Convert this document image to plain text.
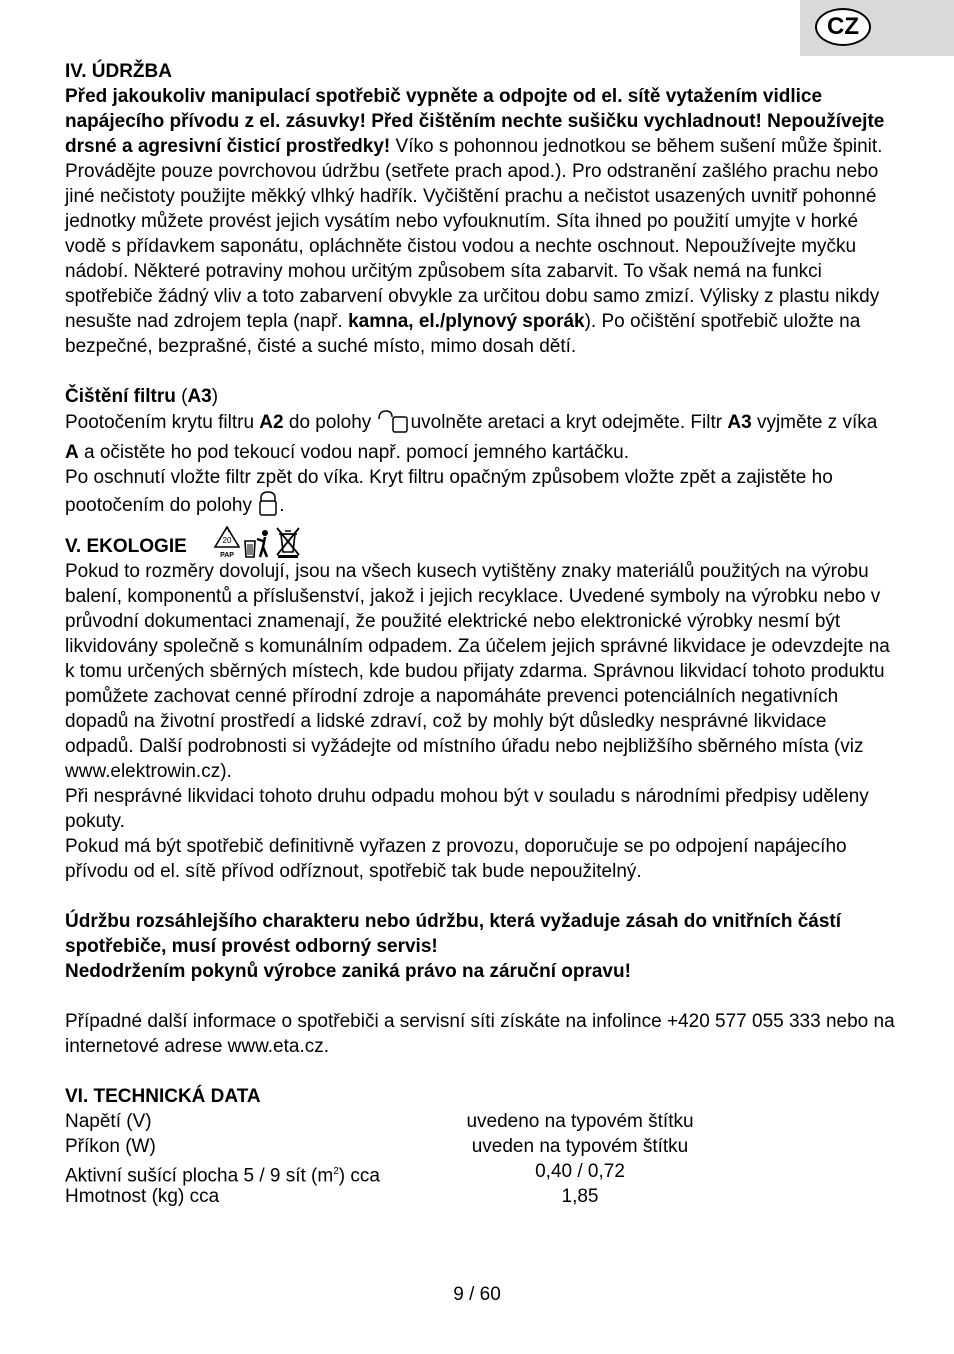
CZ

IV. ÚDRŽBA

Před jakoukoliv manipulací spotřebič vypněte a odpojte od el. sítě vytažením vidlice napájecího přívodu z el. zásuvky! Před čištěním nechte sušičku vychladnout! Nepoužívejte drsné a agresivní čisticí prostředky! Víko s pohonnou jednotkou se během sušení může špinit. Provádějte pouze povrchovou údržbu (setřete prach apod.). Pro odstranění zašlého prachu nebo jiné nečistoty použijte měkký vlhký hadřík. Vyčištění prachu a nečistot usazených uvnitř pohonné jednotky můžete provést jejich vysátím nebo vyfouknutím. Síta ihned po použití umyjte v horké vodě s přídavkem saponátu, opláchněte čistou vodou a nechte oschnout. Nepoužívejte myčku nádobí. Některé potraviny mohou určitým způsobem síta zabarvit. To však nemá na funkci spotřebiče žádný vliv a toto zabarvení obvykle za určitou dobu samo zmizí. Výlisky z plastu nikdy nesušte nad zdrojem tepla (např. kamna, el./plynový sporák). Po očištění spotřebič uložte na bezpečné, bezprašné, čisté a suché místo, mimo dosah dětí.

Čištění filtru (A3)

Pootočením krytu filtru A2 do polohy uvolněte aretaci a kryt odejměte. Filtr A3 vyjměte z víka A a očistěte ho pod tekoucí vodou např. pomocí jemného kartáčku.

Po oschnutí vložte filtr zpět do víka. Kryt filtru opačným způsobem vložte zpět a zajistěte ho pootočením do polohy .

V. EKOLOGIE	20
PAP

Pokud to rozměry dovolují, jsou na všech kusech vytištěny znaky materiálů použitých na výrobu balení, komponentů a příslušenství, jakož i jejich recyklace. Uvedené symboly na výrobku nebo v průvodní dokumentaci znamenají, že použité elektrické nebo elektronické výrobky nesmí být likvidovány společně s komunálním odpadem. Za účelem jejich správné likvidace je odevzdejte na k tomu určených sběrných místech, kde budou přijaty zdarma. Správnou likvidací tohoto produktu pomůžete zachovat cenné přírodní zdroje a napomáháte prevenci potenciálních negativních dopadů na životní prostředí a lidské zdraví, což by mohly být důsledky nesprávné likvidace odpadů. Další podrobnosti si vyžádejte od místního úřadu nebo nejbližšího sběrného místa (viz www.elektrowin.cz).

Při nesprávné likvidaci tohoto druhu odpadu mohou být v souladu s národními předpisy uděleny pokuty.

Pokud má být spotřebič definitivně vyřazen z provozu, doporučuje se po odpojení napájecího přívodu od el. sítě přívod odříznout, spotřebič tak bude nepoužitelný.

Údržbu rozsáhlejšího charakteru nebo údržbu, která vyžaduje zásah do vnitřních částí spotřebiče, musí provést odborný servis!

Nedodržením pokynů výrobce zaniká právo na záruční opravu!

Případné další informace o spotřebiči a servisní síti získáte na infolince +420 577 055 333 nebo na internetové adrese www.eta.cz.

VI. TECHNICKÁ DATA

Napětí (V)	uvedeno na typovém štítku
Příkon (W)	uveden na typovém štítku
Aktivní sušící plocha 5 / 9 sít $(m^2)$ cca	0,40 / 0,72
Hmotnost (kg) cca	1,85
9 / 60
